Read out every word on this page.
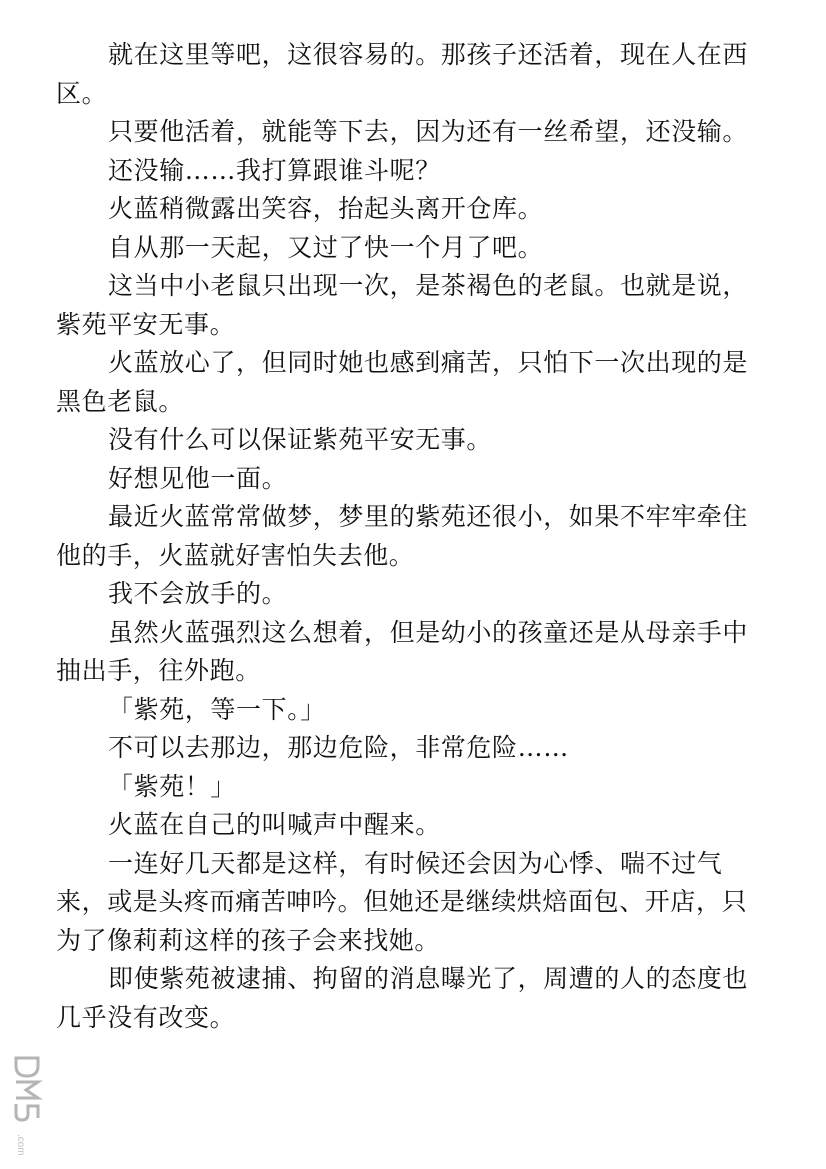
就在这里等吧，这很容易的。那孩子还活着，现在人在西区。

只要他活着，就能等下去，因为还有一丝希望，还没输。

还没输……我打算跟谁斗呢？

火蓝稍微露出笑容，抬起头离开仓库。

自从那一天起，又过了快一个月了吧。

这当中小老鼠只出现一次，是茶褐色的老鼠。也就是说，紫苑平安无事。

火蓝放心了，但同时她也感到痛苦，只怕下一次出现的是黑色老鼠。

没有什么可以保证紫苑平安无事。

好想见他一面。

最近火蓝常常做梦，梦里的紫苑还很小，如果不牢牢牵住他的手，火蓝就好害怕失去他。

我不会放手的。

虽然火蓝强烈这么想着，但是幼小的孩童还是从母亲手中抽出手，往外跑。

「紫苑，等一下。」

不可以去那边，那边危险，非常危险……

「紫苑！」

火蓝在自己的叫喊声中醒来。

一连好几天都是这样，有时候还会因为心悸、喘不过气来，或是头疼而痛苦呻吟。但她还是继续烘焙面包、开店，只为了像莉莉这样的孩子会来找她。

即使紫苑被逮捕、拘留的消息曝光了，周遭的人的态度也几乎没有改变。

.com
